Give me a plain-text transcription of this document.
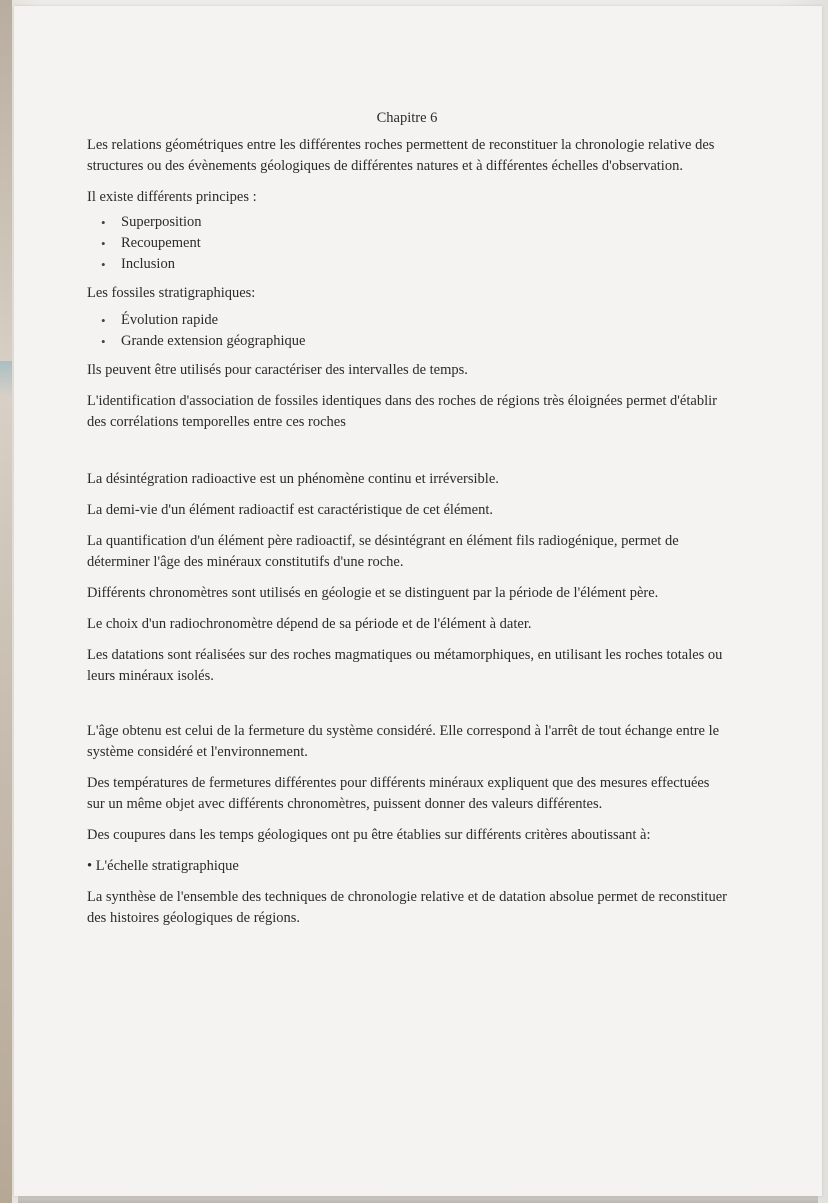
Chapitre 6

Les relations géométriques entre les différentes roches permettent de reconstituer la chronologie relative des structures ou des évènements géologiques de différentes natures et à différentes échelles d'observation.

Il existe différents principes :

• Superposition
• Recoupement
• Inclusion

Les fossiles stratigraphiques:

• Évolution rapide
• Grande extension géographique

Ils peuvent être utilisés pour caractériser des intervalles de temps.

L'identification d'association de fossiles identiques dans des roches de régions très éloignées permet d'établir des corrélations temporelles entre ces roches

La désintégration radioactive est un phénomène continu et irréversible.

La demi-vie d'un élément radioactif est caractéristique de cet élément.

La quantification d'un élément père radioactif, se désintégrant en élément fils radiogénique, permet de déterminer l'âge des minéraux constitutifs d'une roche.

Différents chronomètres sont utilisés en géologie et se distinguent par la période de l'élément père.

Le choix d'un radiochronomètre dépend de sa période et de l'élément à dater.

Les datations sont réalisées sur des roches magmatiques ou métamorphiques, en utilisant les roches totales ou leurs minéraux isolés.

L'âge obtenu est celui de la fermeture du système considéré. Elle correspond à l'arrêt de tout échange entre le système considéré et l'environnement.

Des températures de fermetures différentes pour différents minéraux expliquent que des mesures effectuées sur un même objet avec différents chronomètres, puissent donner des valeurs différentes.

Des coupures dans les temps géologiques ont pu être établies sur différents critères aboutissant à:

• L'échelle stratigraphique

La synthèse de l'ensemble des techniques de chronologie relative et de datation absolue permet de reconstituer des histoires géologiques de régions.
